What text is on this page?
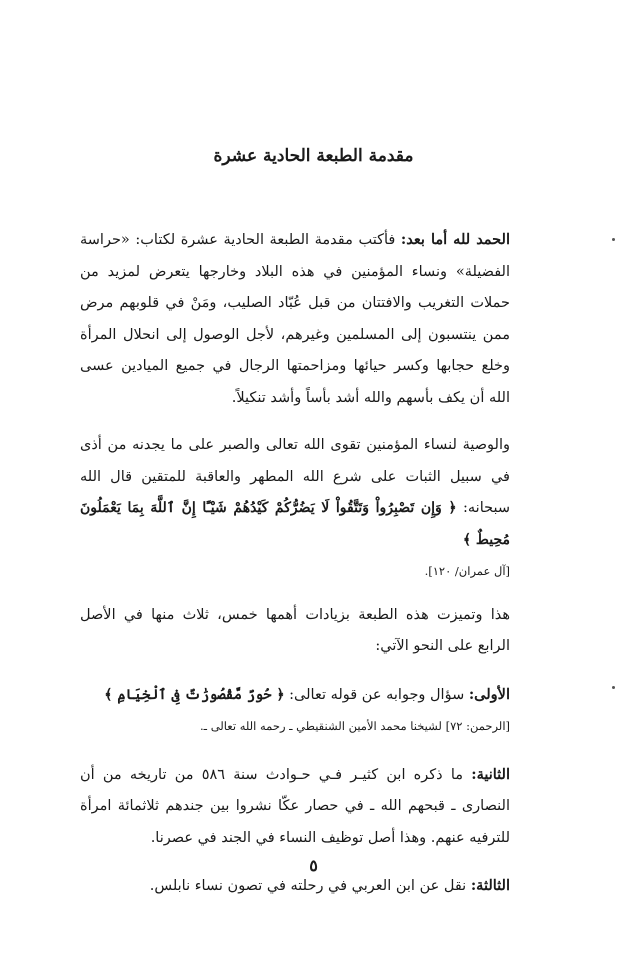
مقدمة الطبعة الحادية عشرة

الحمد لله أما بعد: فأكتب مقدمة الطبعة الحادية عشرة لكتاب: «حراسة الفضيلة» ونساء المؤمنين في هذه البلاد وخارجها يتعرض لمزيد من حملات التغريب والافتتان من قبل عُبّاد الصليب، ومَنْ في قلوبهم مرض ممن ينتسبون إلى المسلمين وغيرهم، لأجل الوصول إلى انحلال المرأة وخلع حجابها وكسر حيائها ومزاحمتها الرجال في جميع الميادين عسى الله أن يكف بأسهم والله أشد بأساً وأشد تنكيلاً.

والوصية لنساء المؤمنين تقوى الله تعالى والصبر على ما يجدنه من أذى في سبيل الثبات على شرع الله المطهر والعاقبة للمتقين قال الله سبحانه: ﴿ وَإِن تَصْبِرُواْ وَتَتَّقُواْ لَا يَضُرُّكُمْ كَيْدُهُمْ شَيْـًٔا إِنَّ ٱللَّهَ بِمَا يَعْمَلُونَ مُحِيطٌ ﴾
[آل عمران/ ١٢٠].

هذا وتميزت هذه الطبعة بزيادات أهمها خمس، ثلاث منها في الأصل الرابع على النحو الآتي:

الأولى: سؤال وجوابه عن قوله تعالى: ﴿ حُورٌ مَّقْصُورَٰتٌ فِى ٱلْخِيَامِ ﴾
[الرحمن: ٧٢] لشيخنا محمد الأمين الشنقيطي ـ رحمه الله تعالى ـ.

الثانية: ما ذكره ابن كثيـر فـي حـوادث سنة ٥٨٦ من تاريخه من أن النصارى ـ قبحهم الله ـ في حصار عكّا نشروا بين جندهم ثلاثمائة امرأة للترفيه عنهم. وهذا أصل توظيف النساء في الجند في عصرنا.

الثالثة: نقل عن ابن العربي في رحلته في تصون نساء نابلس.

٥
